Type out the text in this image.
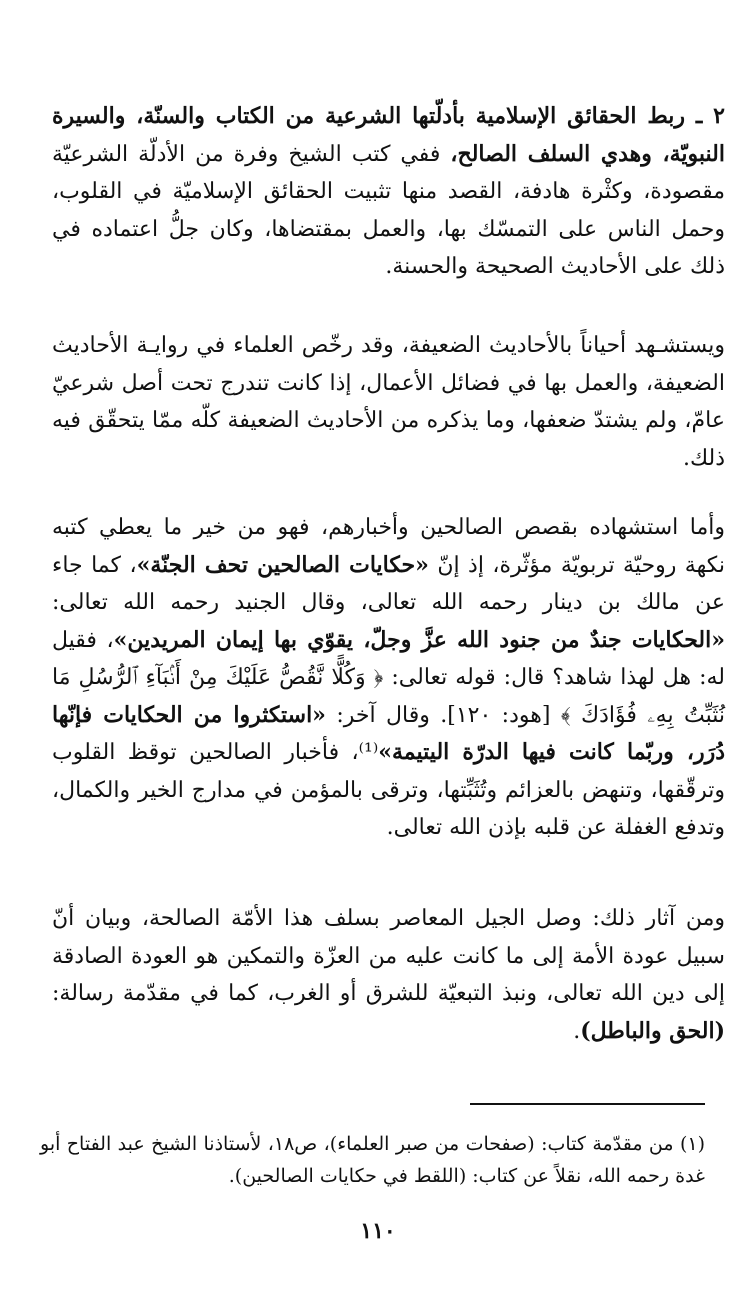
٢ ـ ربط الحقائق الإسلامية بأدلّتها الشرعية من الكتاب والسنّة، والسيرة النبويّة، وهدي السلف الصالح، ففي كتب الشيخ وفرة من الأدلّة الشرعيّة مقصودة، وكثْرة هادفة، القصد منها تثبيت الحقائق الإسلاميّة في القلوب، وحمل الناس على التمسّك بها، والعمل بمقتضاها، وكان جلُّ اعتماده في ذلك على الأحاديث الصحيحة والحسنة.

ويستشـهد أحياناً بالأحاديث الضعيفة، وقد رخّص العلماء في روايـة الأحاديث الضعيفة، والعمل بها في فضائل الأعمال، إذا كانت تندرج تحت أصل شرعيّ عامّ، ولم يشتدّ ضعفها، وما يذكره من الأحاديث الضعيفة كلّه ممّا يتحقّق فيه ذلك.

وأما استشهاده بقصص الصالحين وأخبارهم، فهو من خير ما يعطي كتبه نكهة روحيّة تربويّة مؤثّرة، إذ إنّ «حكايات الصالحين تحف الجنّة»، كما جاء عن مالك بن دينار رحمه الله تعالى، وقال الجنيد رحمه الله تعالى: «الحكايات جندٌ من جنود الله عزَّ وجلّ، يقوّي بها إيمان المريدين»، فقيل له: هل لهذا شاهد؟ قال: قوله تعالى: ﴿ وَكُلًّا نَّقُصُّ عَلَيْكَ مِنْ أَنۢبَآءِ ٱلرُّسُلِ مَا نُثَبِّتُ بِهِۦ فُؤَادَكَ ﴾ [هود: ١٢٠]. وقال آخر: «استكثروا من الحكايات فإنّها دُرَر، وربّما كانت فيها الدرّة اليتيمة»⁽¹⁾، فأخبار الصالحين توقظ القلوب وترقّقها، وتنهض بالعزائم وتُثَبِّتها، وترقى بالمؤمن في مدارج الخير والكمال، وتدفع الغفلة عن قلبه بإذن الله تعالى.

ومن آثار ذلك: وصل الجيل المعاصر بسلف هذا الأمّة الصالحة، وبيان أنّ سبيل عودة الأمة إلى ما كانت عليه من العزّة والتمكين هو العودة الصادقة إلى دين الله تعالى، ونبذ التبعيّة للشرق أو الغرب، كما في مقدّمة رسالة: (الحق والباطل).

(١) من مقدّمة كتاب: (صفحات من صبر العلماء)، ص١٨، لأستاذنا الشيخ عبد الفتاح أبو غدة رحمه الله، نقلاً عن كتاب: (اللقط في حكايات الصالحين).

١١٠
